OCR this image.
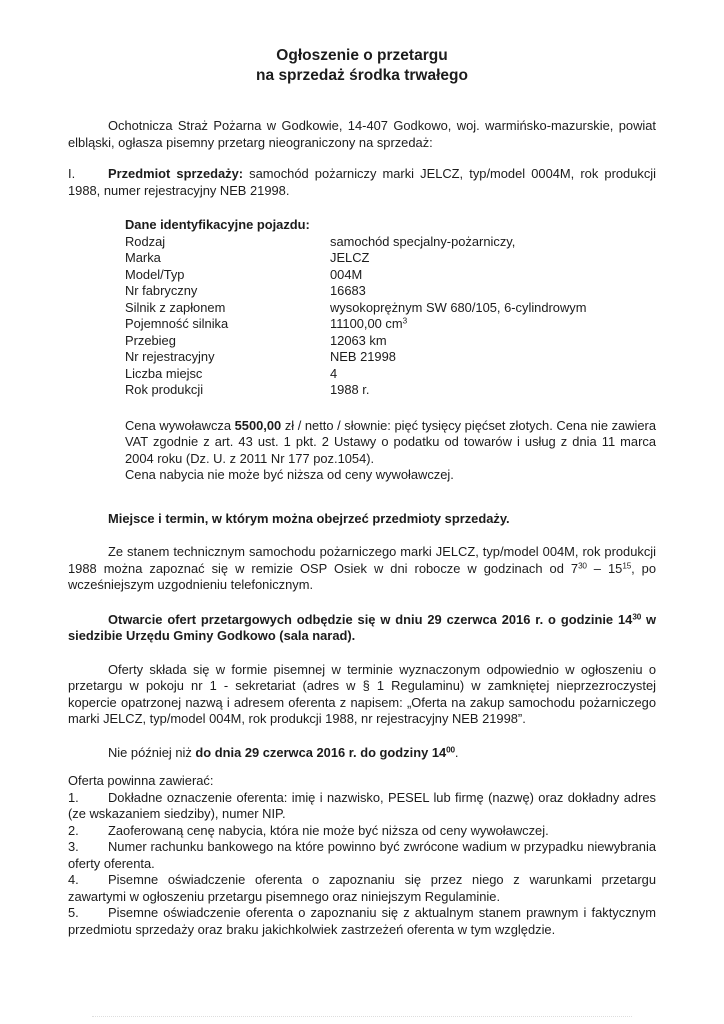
Ogłoszenie o przetargu
na sprzedaż środka trwałego

Ochotnicza Straż Pożarna w Godkowie, 14-407 Godkowo, woj. warmińsko-mazurskie, powiat elbląski, ogłasza pisemny przetarg nieograniczony na sprzedaż:

I.	Przedmiot sprzedaży: samochód pożarniczy marki JELCZ, typ/model 0004M, rok produkcji 1988, numer rejestracyjny NEB 21998.

Dane identyfikacyjne pojazdu:
Rodzaj	samochód specjalny-pożarniczy,
Marka	JELCZ
Model/Typ	004M
Nr fabryczny	16683
Silnik z zapłonem	wysokoprężnym SW 680/105, 6-cylindrowym
Pojemność silnika	11100,00 $cm^3$
Przebieg	12063 km
Nr rejestracyjny	NEB 21998
Liczba miejsc	4
Rok produkcji	1988 r.

Cena wywoławcza 5500,00 zł / netto / słownie: pięć tysięcy pięćset złotych. Cena nie zawiera VAT zgodnie z art. 43 ust. 1 pkt. 2 Ustawy o podatku od towarów i usług z dnia 11 marca 2004 roku (Dz. U. z 2011 Nr 177 poz.1054).

Cena nabycia nie może być niższa od ceny wywoławczej.

Miejsce i termin, w którym można obejrzeć przedmioty sprzedaży.

Ze stanem technicznym samochodu pożarniczego marki JELCZ, typ/model 004M, rok produkcji 1988 można zapoznać się w remizie OSP Osiek w dni robocze w godzinach od $7^{30} - 15^{15}$, po wcześniejszym uzgodnieniu telefonicznym.

Otwarcie ofert przetargowych odbędzie się w dniu 29 czerwca 2016 r. o godzinie $14^{30}$ w siedzibie Urzędu Gminy Godkowo (sala narad).

Oferty składa się w formie pisemnej w terminie wyznaczonym odpowiednio w ogłoszeniu o przetargu w pokoju nr 1 - sekretariat (adres w § 1 Regulaminu) w zamkniętej nieprzezroczystej kopercie opatrzonej nazwą i adresem oferenta z napisem: „Oferta na zakup samochodu pożarniczego marki JELCZ, typ/model 004M, rok produkcji 1988, nr rejestracyjny NEB 21998”.

Nie później niż do dnia 29 czerwca 2016 r. do godziny $14^{00}$.

Oferta powinna zawierać:

1. Dokładne oznaczenie oferenta: imię i nazwisko, PESEL lub firmę (nazwę) oraz dokładny adres (ze wskazaniem siedziby), numer NIP.

2. Zaoferowaną cenę nabycia, która nie może być niższa od ceny wywoławczej.

3. Numer rachunku bankowego na które powinno być zwrócone wadium w przypadku niewybrania oferty oferenta.

4. Pisemne oświadczenie oferenta o zapoznaniu się przez niego z warunkami przetargu zawartymi w ogłoszeniu przetargu pisemnego oraz niniejszym Regulaminie.

5. Pisemne oświadczenie oferenta o zapoznaniu się z aktualnym stanem prawnym i faktycznym przedmiotu sprzedaży oraz braku jakichkolwiek zastrzeżeń oferenta w tym względzie.
